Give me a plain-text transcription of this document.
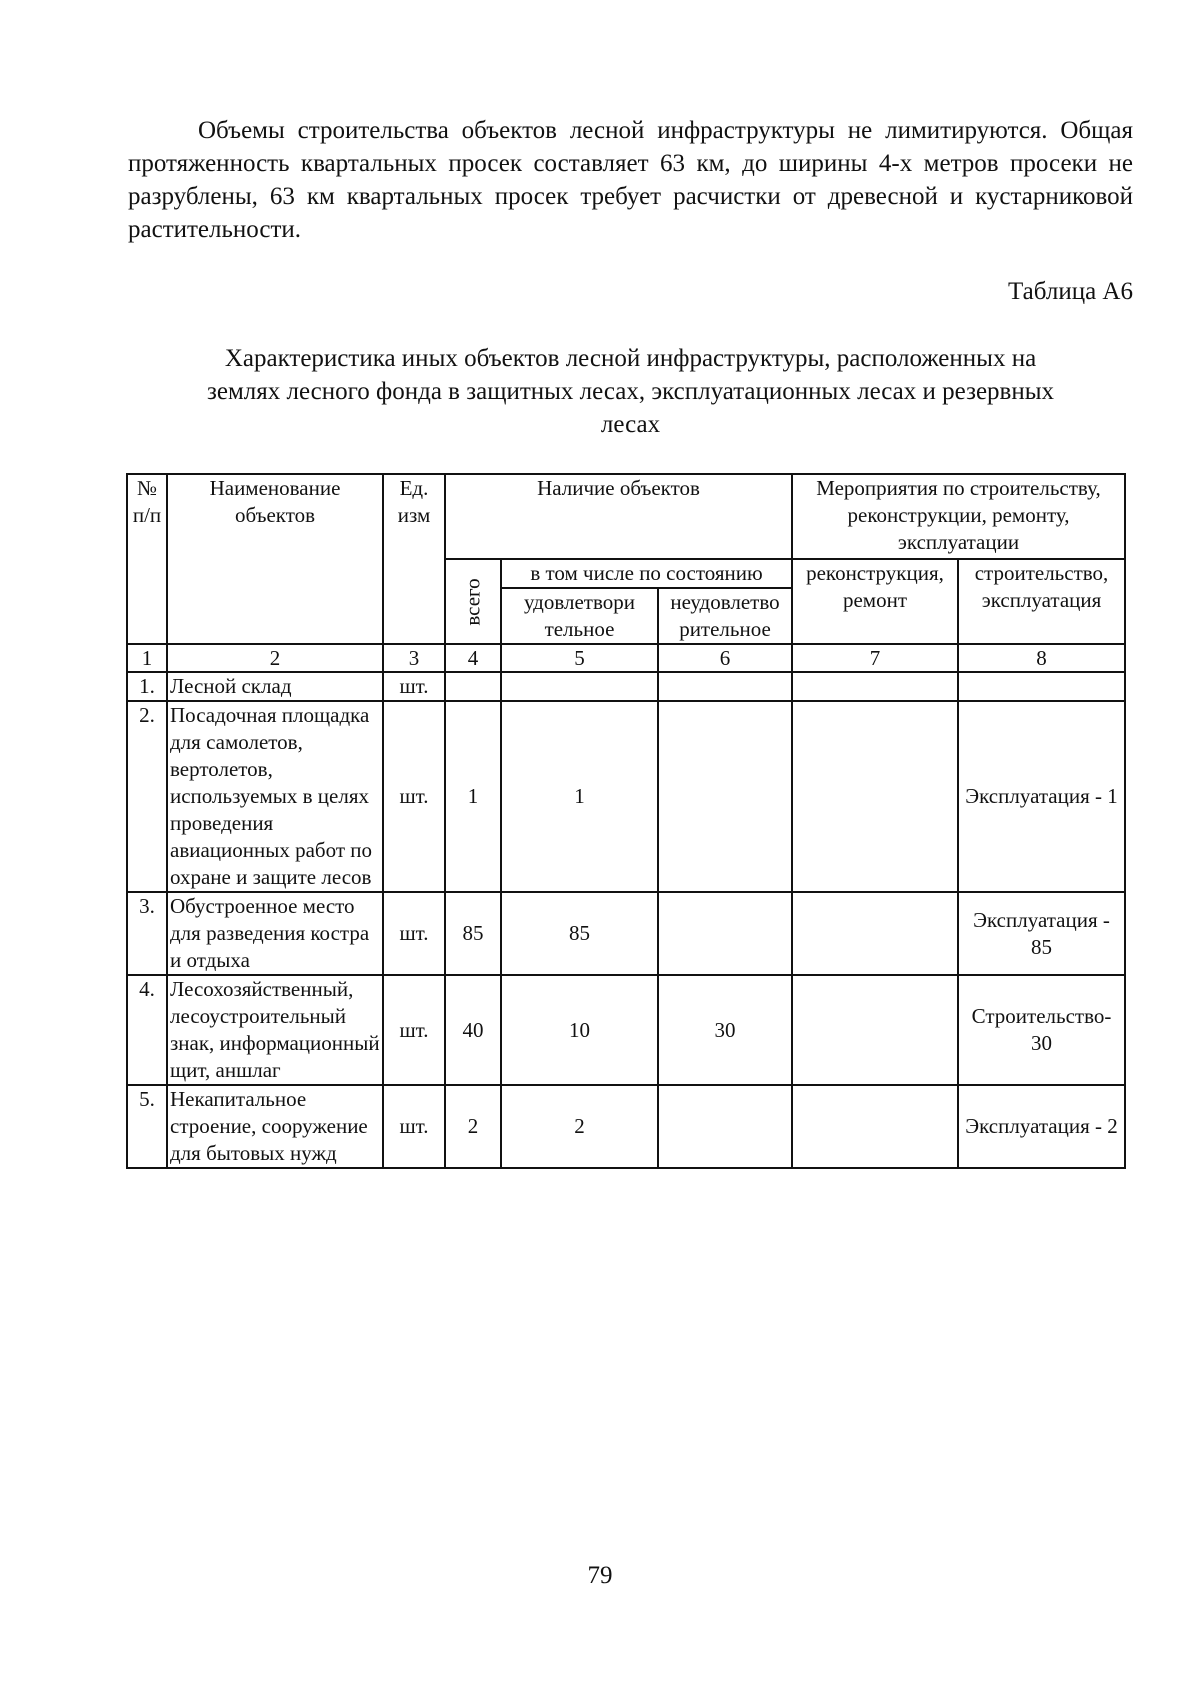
Объемы строительства объектов лесной инфраструктуры не лимитируются. Общая протяженность квартальных просек составляет 63 км, до ширины 4-х метров просеки не разрублены, 63 км квартальных просек требует расчистки от древесной и кустарниковой растительности.

Таблица А6

Характеристика иных объектов лесной инфраструктуры, расположенных на
землях лесного фонда в защитных лесах, эксплуатационных лесах и резервных
лесах
№ п/п	Наименование объектов	Ед. изм	Наличие объектов			Мероприятия по строительству, реконструкции, ремонту, эксплуатации	

			всего	в том числе по состоянию		реконструкция, ремонт	строительство, эксплуатация
				удовлетвори тельное	неудовлетво рительное		
1	2	3	4	5	6	7	8
1.	Лесной склад	шт.					
2.	Посадочная площадка для самолетов, вертолетов, используемых в целях проведения авиационных работ по охране и защите лесов	шт.	1	1			Эксплуатация - 1
3.	Обустроенное место для разведения костра и отдыха	шт.	85	85			Эксплуатация - 85
4.	Лесохозяйственный, лесоустроительный знак, информационный щит, аншлаг	шт.	40	10	30		Строительство- 30
5.	Некапитальное строение, сооружение для бытовых нужд	шт.	2	2			Эксплуатация - 2

79
